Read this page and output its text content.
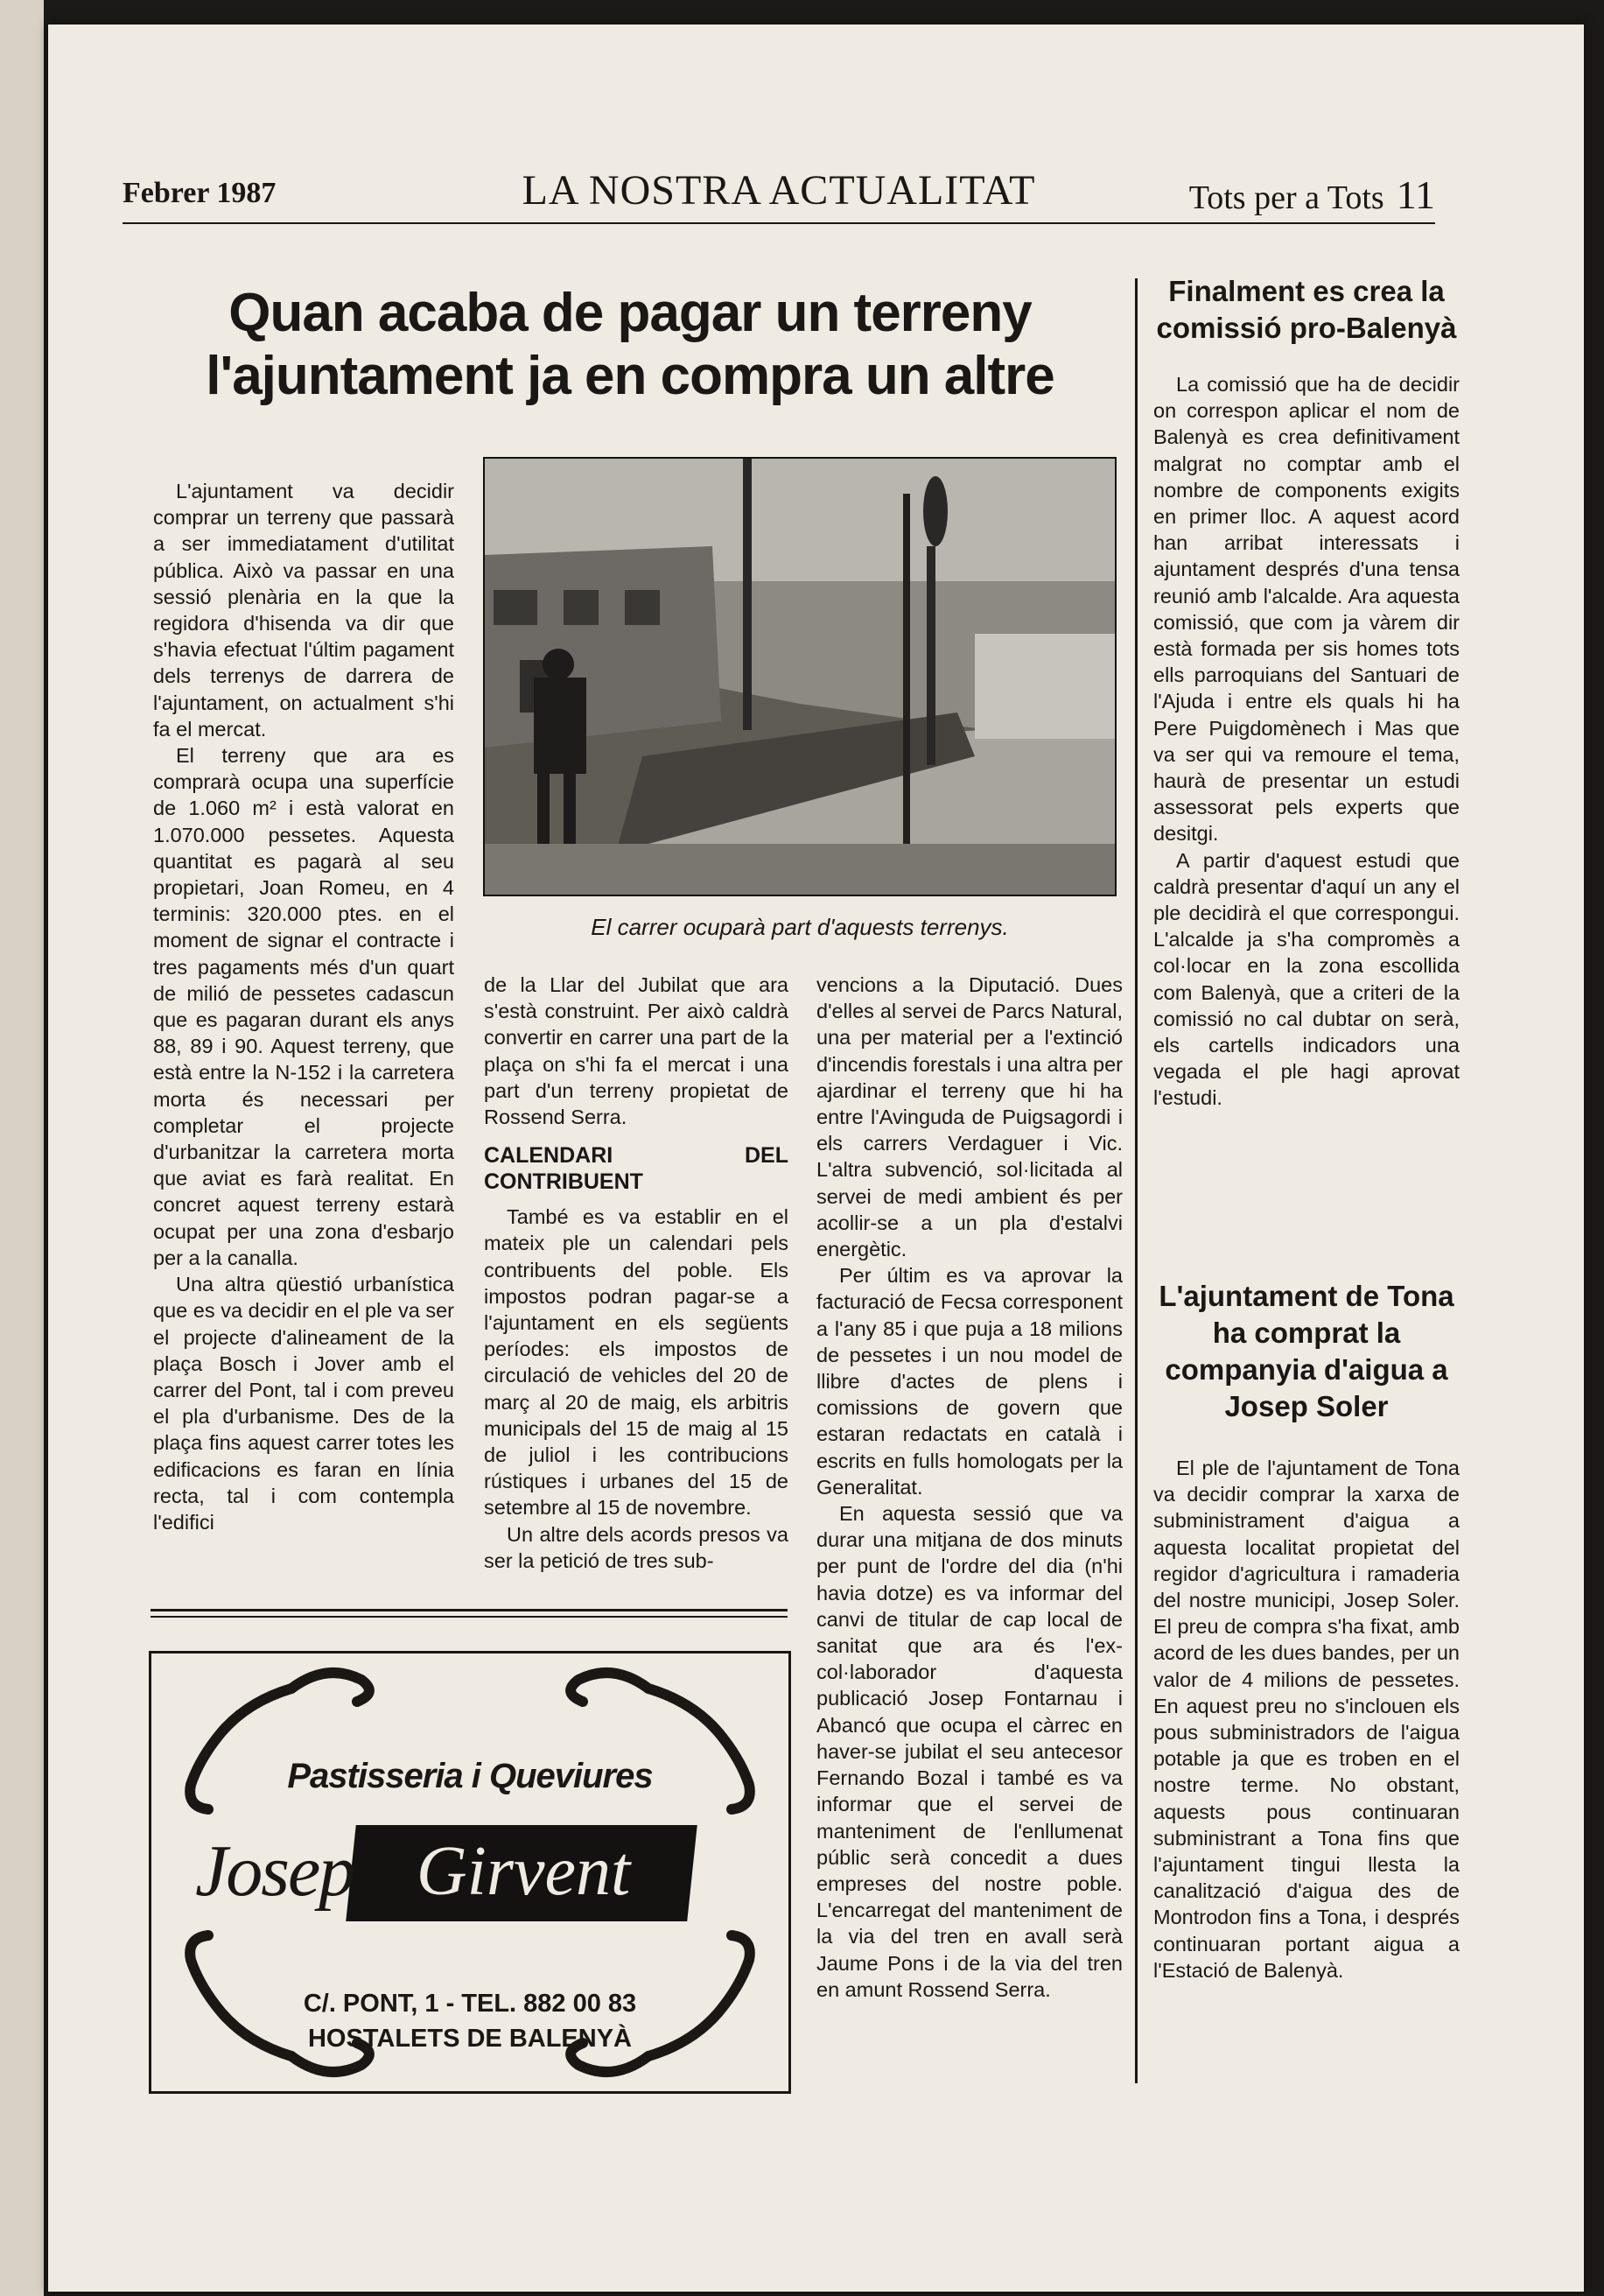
Febrer 1987	LA NOSTRA ACTUALITAT	Tots per a Tots 11
Quan acaba de pagar un terreny l'ajuntament ja en compra un altre

L'ajuntament va decidir comprar un terreny que passarà a ser immediatament d'utilitat pública. Això va passar en una sessió plenària en la que la regidora d'hisenda va dir que s'havia efectuat l'últim pagament dels terrenys de darrera de l'ajuntament, on actualment s'hi fa el mercat.

El terreny que ara es comprarà ocupa una superfície de 1.060 m² i està valorat en 1.070.000 pessetes. Aquesta quantitat es pagarà al seu propietari, Joan Romeu, en 4 terminis: 320.000 ptes. en el moment de signar el contracte i tres pagaments més d'un quart de milió de pessetes cadascun que es pagaran durant els anys 88, 89 i 90. Aquest terreny, que està entre la N-152 i la carretera morta és necessari per completar el projecte d'urbanitzar la carretera morta que aviat es farà realitat. En concret aquest terreny estarà ocupat per una zona d'esbarjo per a la canalla.

Una altra qüestió urbanística que es va decidir en el ple va ser el projecte d'alineament de la plaça Bosch i Jover amb el carrer del Pont, tal i com preveu el pla d'urbanisme. Des de la plaça fins aquest carrer totes les edificacions es faran en línia recta, tal i com contempla l'edifici

El carrer ocuparà part d'aquests terrenys.

de la Llar del Jubilat que ara s'està construint. Per això caldrà convertir en carrer una part de la plaça on s'hi fa el mercat i una part d'un terreny propietat de Rossend Serra.

CALENDARI DEL CONTRIBUENT

També es va establir en el mateix ple un calendari pels contribuents del poble. Els impostos podran pagar-se a l'ajuntament en els següents períodes: els impostos de circulació de vehicles del 20 de març al 20 de maig, els arbitris municipals del 15 de maig al 15 de juliol i les contribucions rústiques i urbanes del 15 de setembre al 15 de novembre.

Un altre dels acords presos va ser la petició de tres sub-

vencions a la Diputació. Dues d'elles al servei de Parcs Natural, una per material per a l'extinció d'incendis forestals i una altra per ajardinar el terreny que hi ha entre l'Avinguda de Puigsagordi i els carrers Verdaguer i Vic. L'altra subvenció, sol·licitada al servei de medi ambient és per acollir-se a un pla d'estalvi energètic.

Per últim es va aprovar la facturació de Fecsa corresponent a l'any 85 i que puja a 18 milions de pessetes i un nou model de llibre d'actes de plens i comissions de govern que estaran redactats en català i escrits en fulls homologats per la Generalitat.

En aquesta sessió que va durar una mitjana de dos minuts per punt de l'ordre del dia (n'hi havia dotze) es va informar del canvi de titular de cap local de sanitat que ara és l'ex-col·laborador d'aquesta publicació Josep Fontarnau i Abancó que ocupa el càrrec en haver-se jubilat el seu antecesor Fernando Bozal i també es va informar que el servei de manteniment de l'enllumenat públic serà concedit a dues empreses del nostre poble. L'encarregat del manteniment de la via del tren en avall serà Jaume Pons i de la via del tren en amunt Rossend Serra.

Finalment es crea la comissió pro-Balenyà

La comissió que ha de decidir on correspon aplicar el nom de Balenyà es crea definitivament malgrat no comptar amb el nombre de components exigits en primer lloc. A aquest acord han arribat interessats i ajuntament després d'una tensa reunió amb l'alcalde. Ara aquesta comissió, que com ja vàrem dir està formada per sis homes tots ells parroquians del Santuari de l'Ajuda i entre els quals hi ha Pere Puigdomènech i Mas que va ser qui va remoure el tema, haurà de presentar un estudi assessorat pels experts que desitgi.

A partir d'aquest estudi que caldrà presentar d'aquí un any el ple decidirà el que correspongui. L'alcalde ja s'ha compromès a col·locar en la zona escollida com Balenyà, que a criteri de la comissió no cal dubtar on serà, els cartells indicadors una vegada el ple hagi aprovat l'estudi.

L'ajuntament de Tona ha comprat la companyia d'aigua a Josep Soler

El ple de l'ajuntament de Tona va decidir comprar la xarxa de subministrament d'aigua a aquesta localitat propietat del regidor d'agricultura i ramaderia del nostre municipi, Josep Soler. El preu de compra s'ha fixat, amb acord de les dues bandes, per un valor de 4 milions de pessetes. En aquest preu no s'inclouen els pous subministradors de l'aigua potable ja que es troben en el nostre terme. No obstant, aquests pous continuaran subministrant a Tona fins que l'ajuntament tingui llesta la canalització d'aigua des de Montrodon fins a Tona, i després continuaran portant aigua a l'Estació de Balenyà.

Pastisseria i Queviures
Josep Girvent
C/. PONT, 1 - TEL. 882 00 83
HOSTALETS DE BALENYÀ
